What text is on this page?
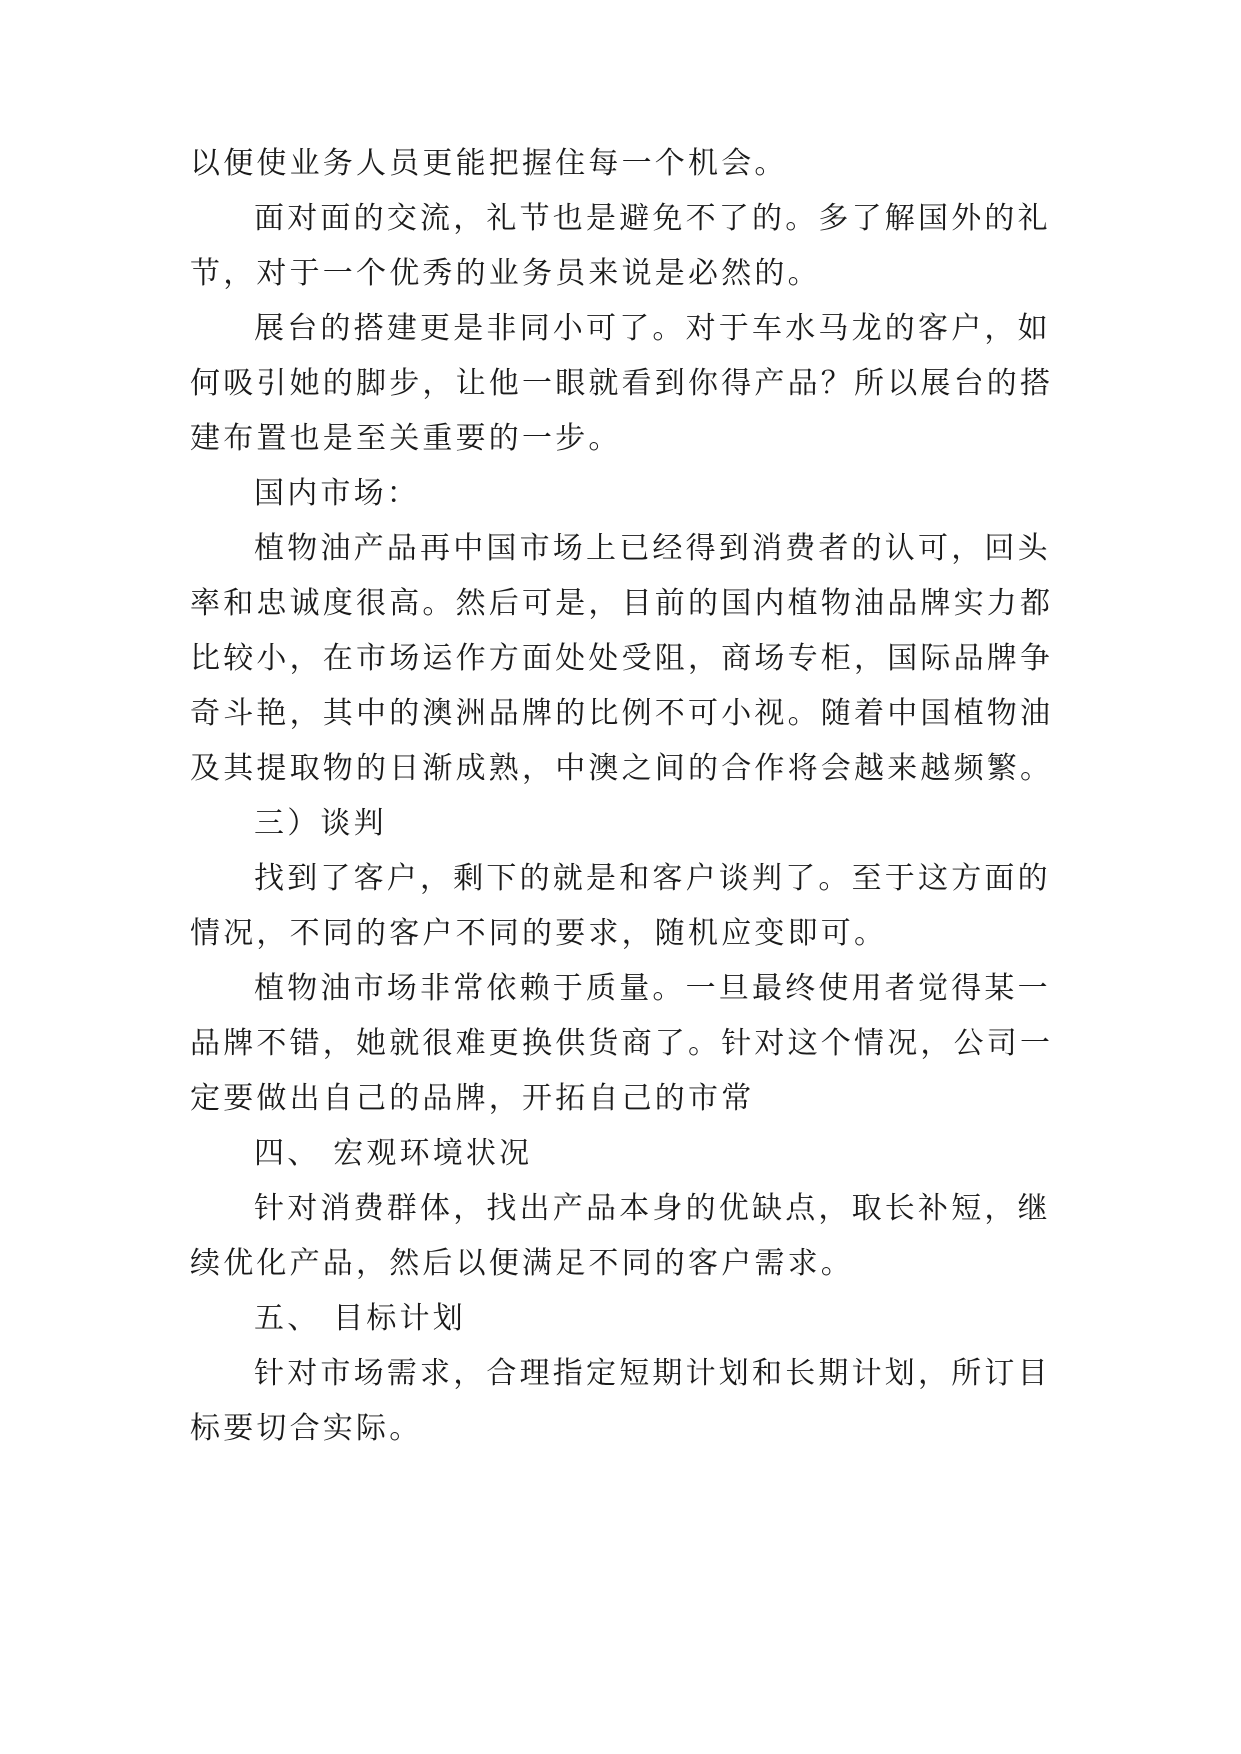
以便使业务人员更能把握住每一个机会。
面对面的交流，礼节也是避免不了的。多了解国外的礼
节，对于一个优秀的业务员来说是必然的。
展台的搭建更是非同小可了。对于车水马龙的客户，如
何吸引她的脚步，让他一眼就看到你得产品？所以展台的搭
建布置也是至关重要的一步。
国内市场：
植物油产品再中国市场上已经得到消费者的认可，回头
率和忠诚度很高。然后可是，目前的国内植物油品牌实力都
比较小，在市场运作方面处处受阻，商场专柜，国际品牌争
奇斗艳，其中的澳洲品牌的比例不可小视。随着中国植物油
及其提取物的日渐成熟，中澳之间的合作将会越来越频繁。
三）谈判
找到了客户，剩下的就是和客户谈判了。至于这方面的
情况，不同的客户不同的要求，随机应变即可。
植物油市场非常依赖于质量。一旦最终使用者觉得某一
品牌不错，她就很难更换供货商了。针对这个情况，公司一
定要做出自己的品牌，开拓自己的市常
四、 宏观环境状况
针对消费群体，找出产品本身的优缺点，取长补短，继
续优化产品，然后以便满足不同的客户需求。
五、 目标计划
针对市场需求，合理指定短期计划和长期计划，所订目
标要切合实际。
